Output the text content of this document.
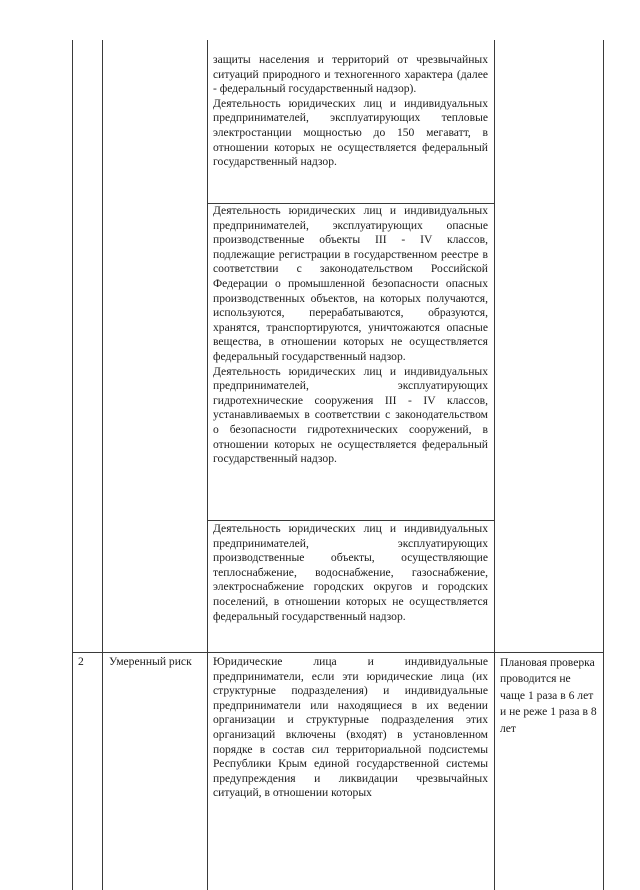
защиты населения и территорий от чрезвычайных ситуаций природного и техногенного характера (далее - федеральный государственный надзор).

Деятельность юридических лиц и индивидуальных предпринимателей, эксплуатирующих тепловые электростанции мощностью до 150 мегаватт, в отношении которых не осуществляется федеральный государственный надзор.

Деятельность юридических лиц и индивидуальных предпринимателей, эксплуатирующих опасные производственные объекты III - IV классов, подлежащие регистрации в государственном реестре в соответствии с законодательством Российской Федерации о промышленной безопасности опасных производственных объектов, на которых получаются, используются, перерабатываются, образуются, хранятся, транспортируются, уничтожаются опасные вещества, в отношении которых не осуществляется федеральный государственный надзор.

Деятельность юридических лиц и индивидуальных предпринимателей, эксплуатирующих гидротехнические сооружения III - IV классов, устанавливаемых в соответствии с законодательством о безопасности гидротехнических сооружений, в отношении которых не осуществляется федеральный государственный надзор.

Деятельность юридических лиц и индивидуальных предпринимателей, эксплуатирующих производственные объекты, осуществляющие теплоснабжение, водоснабжение, газоснабжение, электроснабжение городских округов и городских поселений, в отношении которых не осуществляется федеральный государственный надзор.

2 Умеренный риск	Юридические лица и индивидуальные предприниматели, если эти юридические лица (их структурные подразделения) и индивидуальные предприниматели или находящиеся в их ведении организации и структурные подразделения этих организаций включены (входят) в установленном порядке в состав сил территориальной подсистемы Республики Крым единой государственной системы предупреждения и ликвидации чрезвычайных ситуаций, в отношении которых

Плановая проверка проводится не чаще 1 раза в 6 лет и не реже 1 раза в 8 лет
